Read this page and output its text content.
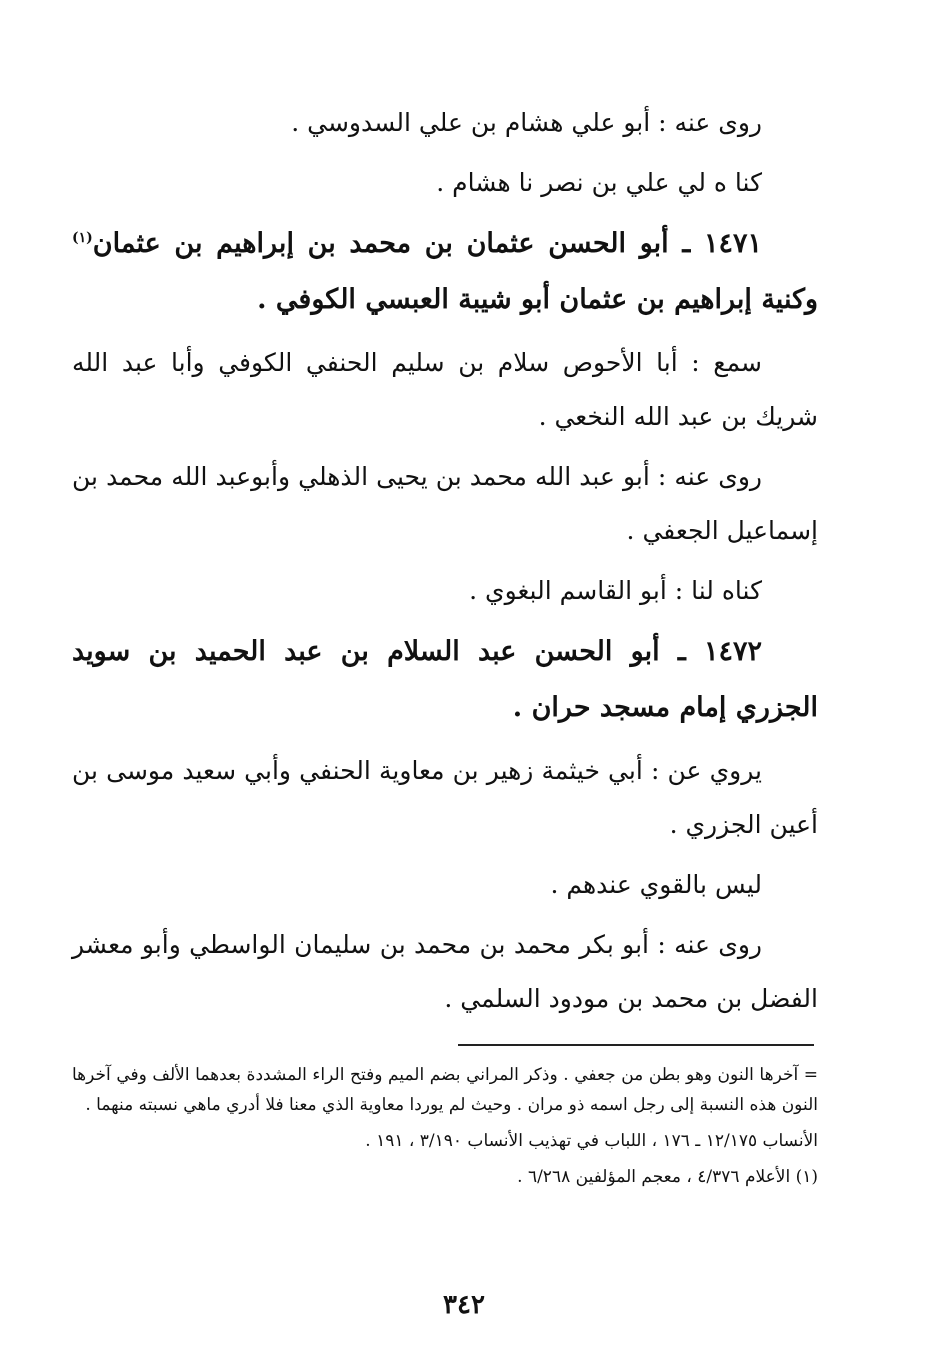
روى عنه : أبو علي هشام بن علي السدوسي .

كنا ه لي علي بن نصر نا هشام .

١٤٧١ ـ أبو الحسن عثمان بن محمد بن إبراهيم بن عثمان$^{(١)}$ وكنية إبراهيم بن عثمان أبو شيبة العبسي الكوفي .

سمع : أبا الأحوص سلام بن سليم الحنفي الكوفي وأبا عبد الله شريك بن عبد الله النخعي .

روى عنه : أبو عبد الله محمد بن يحيى الذهلي وأبوعبد الله محمد بن إسماعيل الجعفي .

كناه لنا : أبو القاسم البغوي .

١٤٧٢ ـ أبو الحسن عبد السلام بن عبد الحميد بن سويد الجزري إمام مسجد حران .

يروي عن : أبي خيثمة زهير بن معاوية الحنفي وأبي سعيد موسى بن أعين الجزري .

ليس بالقوي عندهم .

روى عنه : أبو بكر محمد بن محمد بن سليمان الواسطي وأبو معشر الفضل بن محمد بن مودود السلمي .

= آخرها النون وهو بطن من جعفي . وذكر المراني بضم الميم وفتح الراء المشددة بعدهما الألف وفي آخرها النون هذه النسبة إلى رجل اسمه ذو مران . وحيث لم يوردا معاوية الذي معنا فلا أدري ماهي نسبته منهما .

الأنساب ١٢/١٧٥ ـ ١٧٦ ، اللباب في تهذيب الأنساب ٣/١٩٠ ، ١٩١ .

(١) الأعلام ٤/٣٧٦ ، معجم المؤلفين ٦/٢٦٨ .

٣٤٢
